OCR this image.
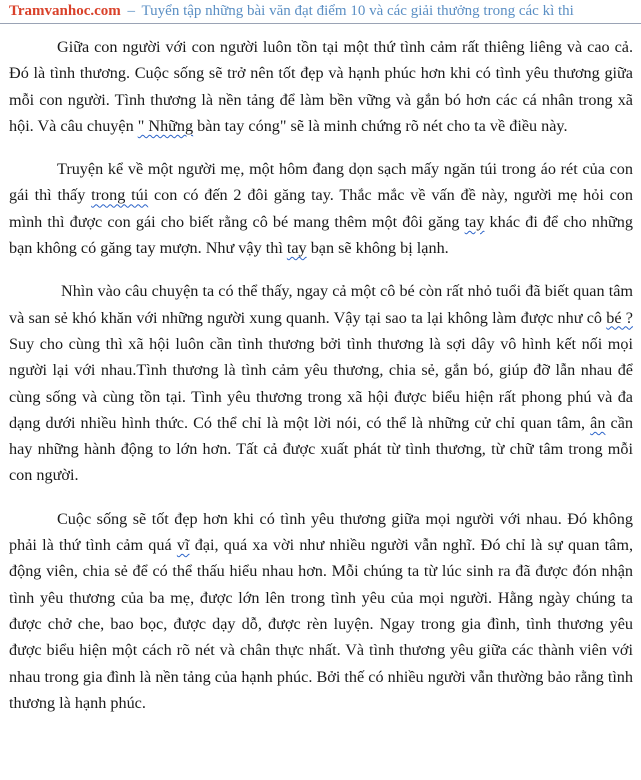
Tramvanhoc.com – Tuyển tập những bài văn đạt điểm 10 và các giải thưởng trong các kì thi

Giữa con người với con người luôn tồn tại một thứ tình cảm rất thiêng liêng và cao cả. Đó là tình thương. Cuộc sống sẽ trở nên tốt đẹp và hạnh phúc hơn khi có tình yêu thương giữa mỗi con người. Tình thương là nền tảng để làm bền vững và gắn bó hơn các cá nhân trong xã hội. Và câu chuyện " Những bàn tay cóng" sẽ là minh chứng rõ nét cho ta về điều này.

Truyện kể về một người mẹ, một hôm đang dọn sạch mấy ngăn túi trong áo rét của con gái thì thấy trong túi con có đến 2 đôi găng tay. Thắc mắc về vấn đề này, người mẹ hỏi con mình thì được con gái cho biết rằng cô bé mang thêm một đôi găng tay khác đi để cho những bạn không có găng tay mượn. Như vậy thì tay bạn sẽ không bị lạnh.

Nhìn vào câu chuyện ta có thể thấy, ngay cả một cô bé còn rất nhỏ tuổi đã biết quan tâm và san sẻ khó khăn với những người xung quanh. Vậy tại sao ta lại không làm được như cô bé ? Suy cho cùng thì xã hội luôn cần tình thương bởi tình thương là sợi dây vô hình kết nối mọi người lại với nhau.Tình thương là tình cảm yêu thương, chia sẻ, gắn bó, giúp đỡ lẫn nhau để cùng sống và cùng tồn tại. Tình yêu thương trong xã hội được biểu hiện rất phong phú và đa dạng dưới nhiều hình thức. Có thể chỉ là một lời nói, có thể là những cử chỉ quan tâm, ân cần hay những hành động to lớn hơn. Tất cả được xuất phát từ tình thương, từ chữ tâm trong mỗi con người.

Cuộc sống sẽ tốt đẹp hơn khi có tình yêu thương giữa mọi người với nhau. Đó không phải là thứ tình cảm quá vĩ đại, quá xa vời như nhiều người vẫn nghĩ. Đó chỉ là sự quan tâm, động viên, chia sẻ để có thể thấu hiểu nhau hơn. Mỗi chúng ta từ lúc sinh ra đã được đón nhận tình yêu thương của ba mẹ, được lớn lên trong tình yêu của mọi người. Hằng ngày chúng ta được chở che, bao bọc, được dạy dỗ, được rèn luyện. Ngay trong gia đình, tình thương yêu được biểu hiện một cách rõ nét và chân thực nhất. Và tình thương yêu giữa các thành viên với nhau trong gia đình là nền tảng của hạnh phúc. Bởi thế có nhiều người vẫn thường bảo rằng tình thương là hạnh phúc.
